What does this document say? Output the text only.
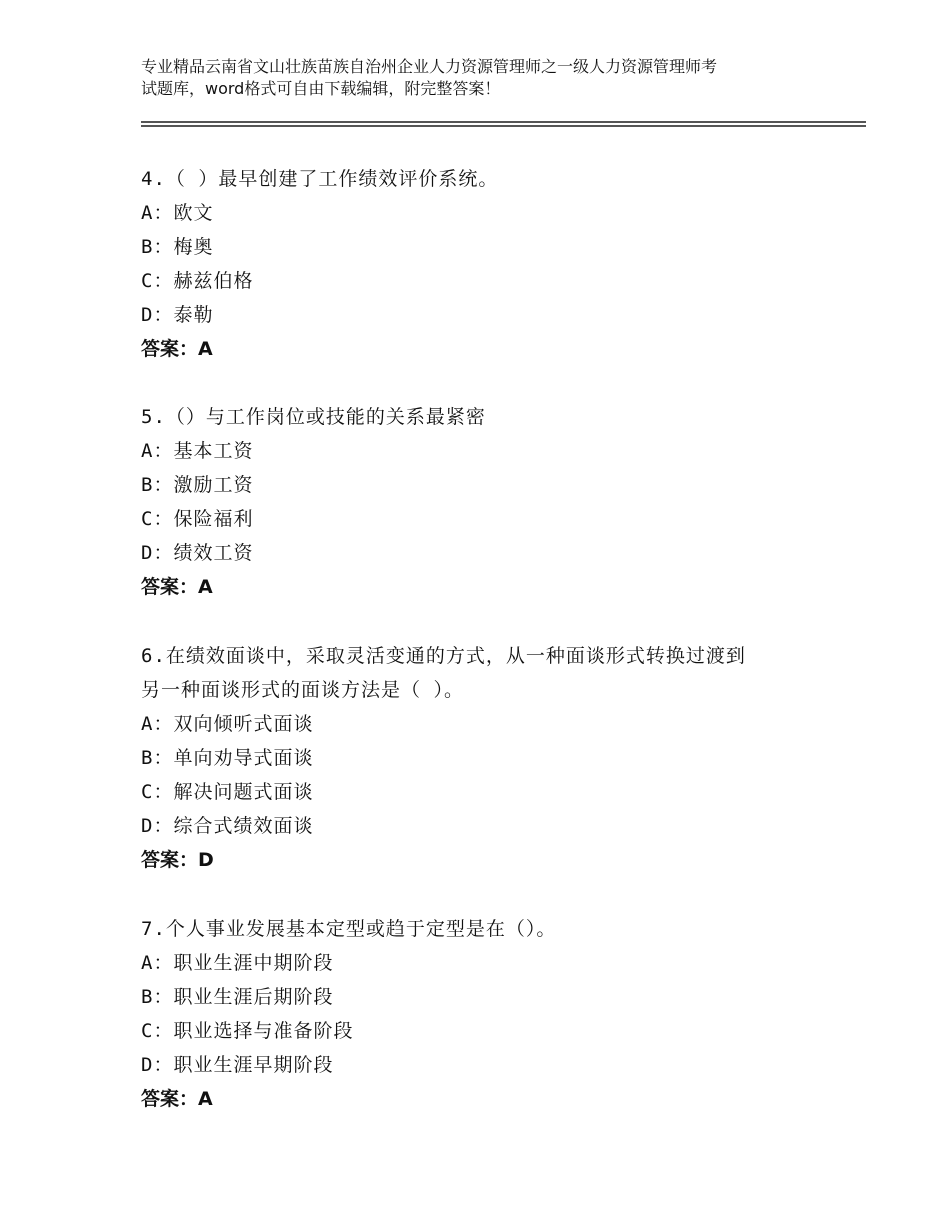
专业精品云南省文山壮族苗族自治州企业人力资源管理师之一级人力资源管理师考
试题库，word格式可自由下载编辑，附完整答案！
4.（ ）最早创建了工作绩效评价系统。
A：欧文
B：梅奥
C：赫兹伯格
D：泰勒
答案：A
5.（）与工作岗位或技能的关系最紧密
A：基本工资
B：激励工资
C：保险福利
D：绩效工资
答案：A
6.在绩效面谈中，采取灵活变通的方式，从一种面谈形式转换过渡到
另一种面谈形式的面谈方法是（ ）。
A：双向倾听式面谈
B：单向劝导式面谈
C：解决问题式面谈
D：综合式绩效面谈
答案：D
7.个人事业发展基本定型或趋于定型是在（）。
A：职业生涯中期阶段
B：职业生涯后期阶段
C：职业选择与准备阶段
D：职业生涯早期阶段
答案：A
